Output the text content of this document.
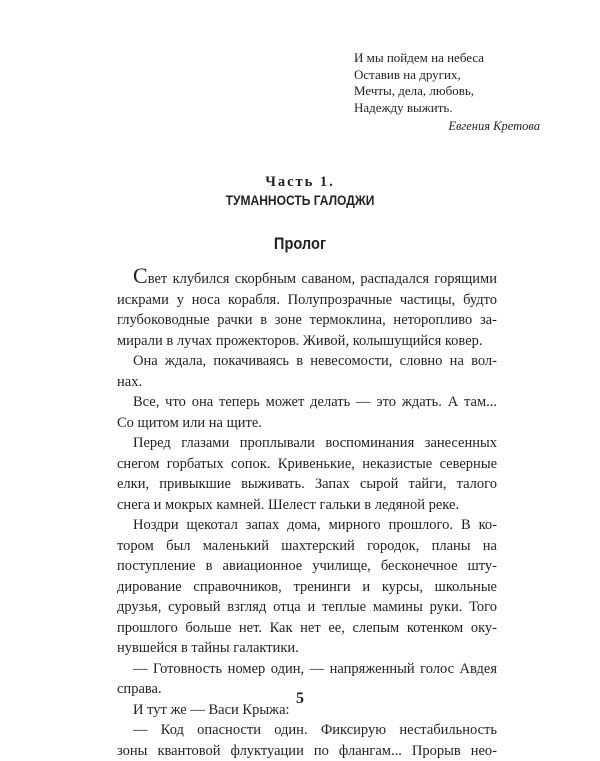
И мы пойдем на небеса
Оставив на других,
Мечты, дела, любовь,
Надежду выжить.
Евгения Кретова
Часть 1.
ТУМАННОСТЬ ГАЛОДЖИ
Пролог
Свет клубился скорбным саваном, распадался горящими
искрами у носа корабля. Полупрозрачные частицы, будто
глубоководные рачки в зоне термоклина, неторопливо за-
мирали в лучах прожекторов. Живой, колышущийся ковер.
Она ждала, покачиваясь в невесомости, словно на вол-
нах.
Все, что она теперь может делать — это ждать. А там...
Со щитом или на щите.
Перед глазами проплывали воспоминания занесенных
снегом горбатых сопок. Кривенькие, неказистые северные
елки, привыкшие выживать. Запах сырой тайги, талого
снега и мокрых камней. Шелест гальки в ледяной реке.
Ноздри щекотал запах дома, мирного прошлого. В ко-
тором был маленький шахтерский городок, планы на
поступление в авиационное училище, бесконечное шту-
дирование справочников, тренинги и курсы, школьные
друзья, суровый взгляд отца и теплые мамины руки. Того
прошлого больше нет. Как нет ее, слепым котенком оку-
нувшейся в тайны галактики.
— Готовность номер один, — напряженный голос Авдея
справа.
И тут же — Васи Крыжа:
— Код опасности один. Фиксирую нестабильность
зоны квантовой флуктуации по флангам... Прорыв нео-
5
